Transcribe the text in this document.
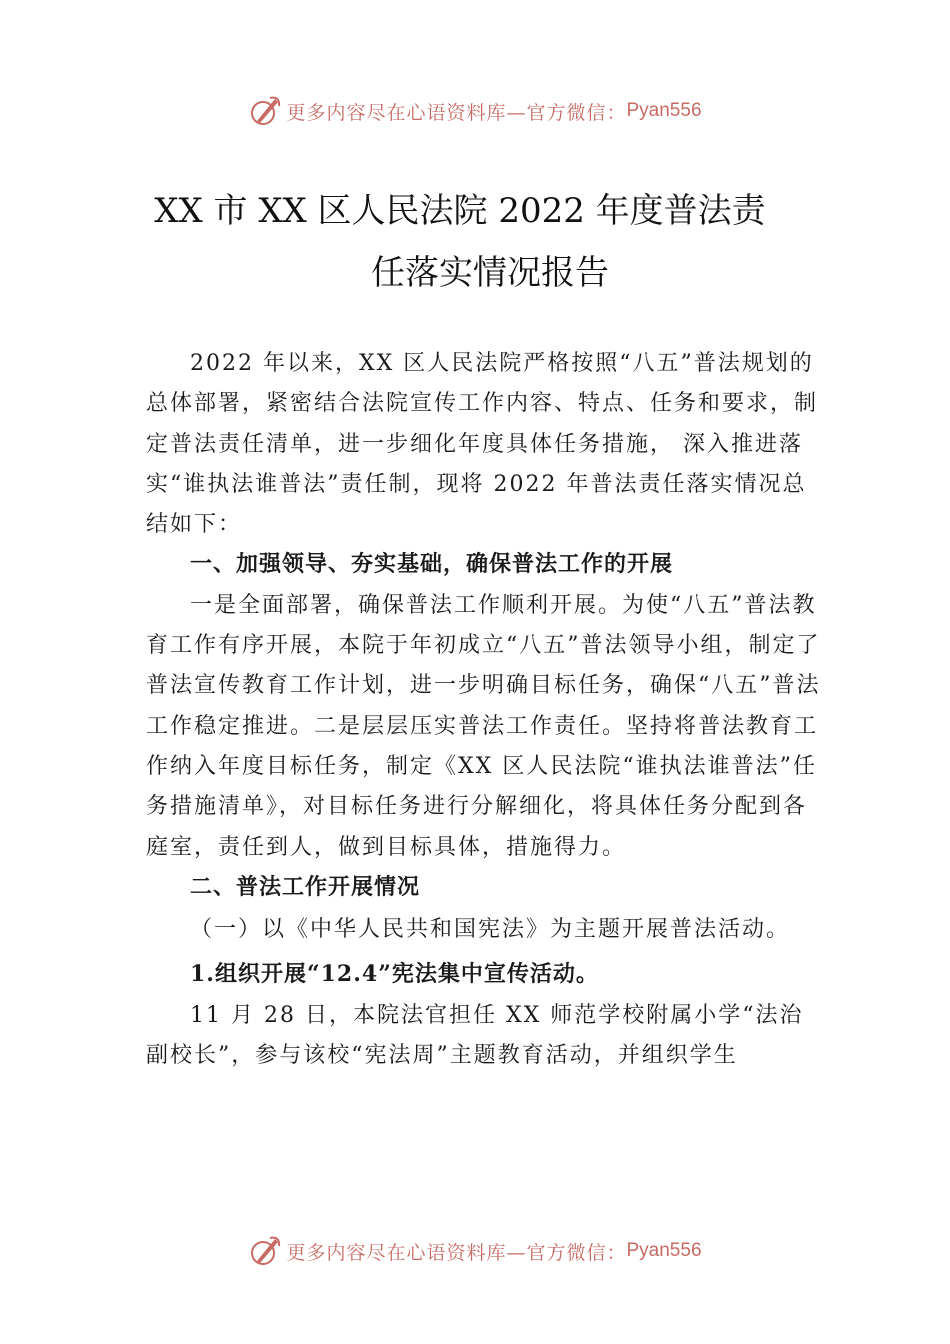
更多内容尽在心语资料库—官方微信： Pyan556
XX 市 XX 区人民法院 2022 年度普法责
任落实情况报告

2022 年以来，XX 区人民法院严格按照“八五”普法规划的总体部署，紧密结合法院宣传工作内容、特点、任务和要求，制定普法责任清单，进一步细化年度具体任务措施， 深入推进落实“谁执法谁普法”责任制，现将 2022 年普法责任落实情况总结如下：

一、加强领导、夯实基础，确保普法工作的开展

一是全面部署，确保普法工作顺利开展。为使“八五”普法教育工作有序开展，本院于年初成立“八五”普法领导小组，制定了普法宣传教育工作计划，进一步明确目标任务，确保“八五”普法工作稳定推进。二是层层压实普法工作责任。坚持将普法教育工作纳入年度目标任务，制定《XX 区人民法院“谁执法谁普法”任务措施清单》，对目标任务进行分解细化，将具体任务分配到各庭室，责任到人，做到目标具体，措施得力。

二、普法工作开展情况

（一）以《中华人民共和国宪法》为主题开展普法活动。

1.组织开展“12.4”宪法集中宣传活动。

11 月 28 日，本院法官担任 XX 师范学校附属小学“法治副校长”，参与该校“宪法周”主题教育活动，并组织学生

更多内容尽在心语资料库—官方微信： Pyan556
